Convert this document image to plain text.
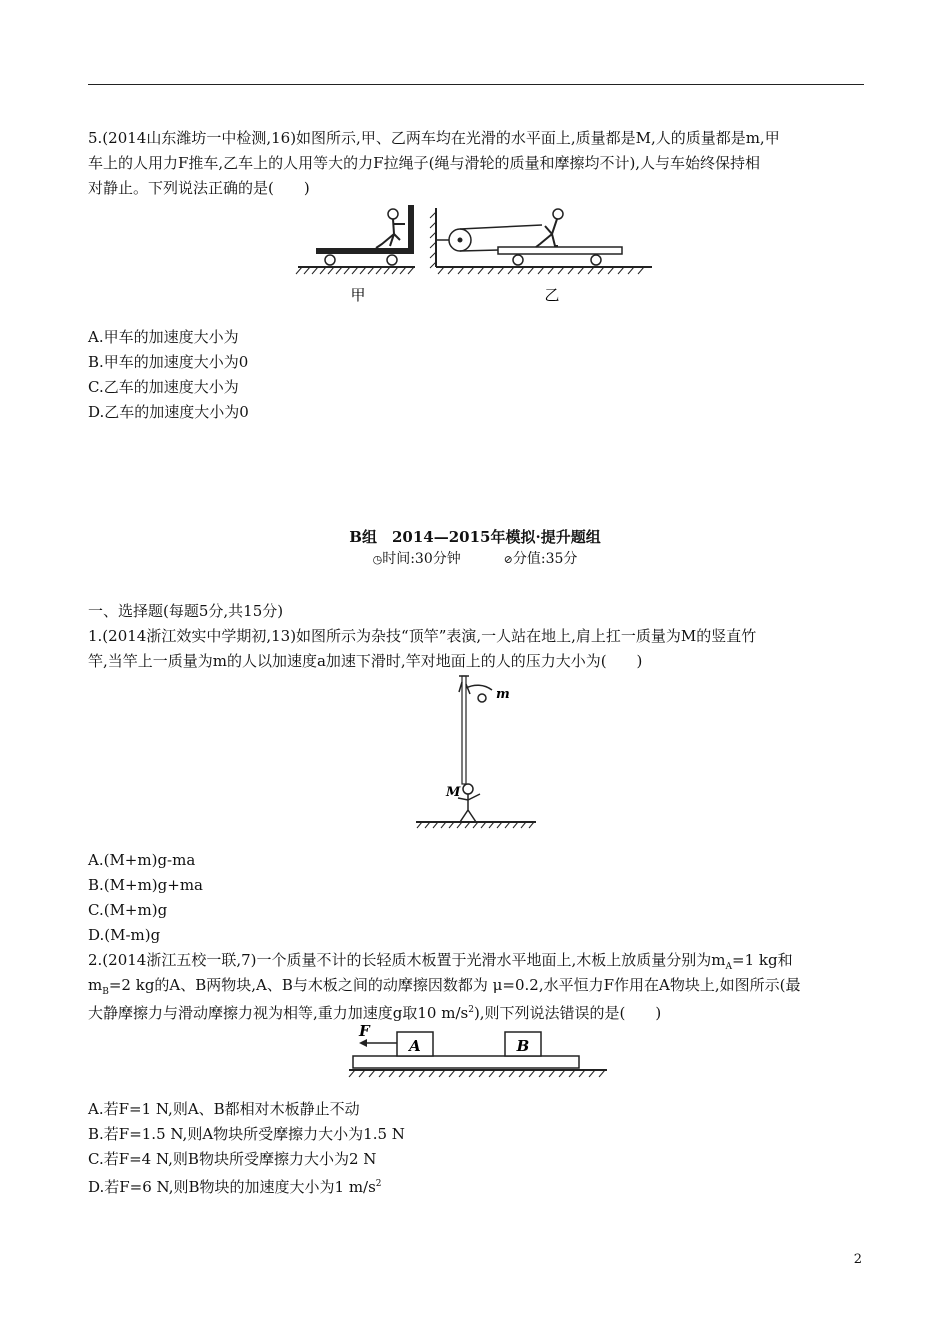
5.(2014山东潍坊一中检测,16)如图所示,甲、乙两车均在光滑的水平面上,质量都是M,人的质量都是m,甲
车上的人用力F推车,乙车上的人用等大的力F拉绳子(绳与滑轮的质量和摩擦均不计),人与车始终保持相
对静止。下列说法正确的是(　　)
甲	乙
A.甲车的加速度大小为
B.甲车的加速度大小为0
C.乙车的加速度大小为
D.乙车的加速度大小为0
B组　2014—2015年模拟·提升题组
◷时间:30分钟	⊘分值:35分
一、选择题(每题5分,共15分)
1.(2014浙江效实中学期初,13)如图所示为杂技“顶竿”表演,一人站在地上,肩上扛一质量为M的竖直竹
竿,当竿上一质量为m的人以加速度a加速下滑时,竿对地面上的人的压力大小为(　　)
m
M
A.(M+m)g-ma
B.(M+m)g+ma
C.(M+m)g
D.(M-m)g
2.(2014浙江五校一联,7)一个质量不计的长轻质木板置于光滑水平地面上,木板上放质量分别为$m_A=1$ kg和
$m_B=2$ kg的A、B两物块,A、B与木板之间的动摩擦因数都为 μ=0.2,水平恒力F作用在A物块上,如图所示(最
大静摩擦力与滑动摩擦力视为相等,重力加速度g取10 $m/s^2$),则下列说法错误的是(　　)
A	B
F
A.若F=1 N,则A、B都相对木板静止不动
B.若F=1.5 N,则A物块所受摩擦力大小为1.5 N
C.若F=4 N,则B物块所受摩擦力大小为2 N
D.若F=6 N,则B物块的加速度大小为1 $m/s^2$
2
